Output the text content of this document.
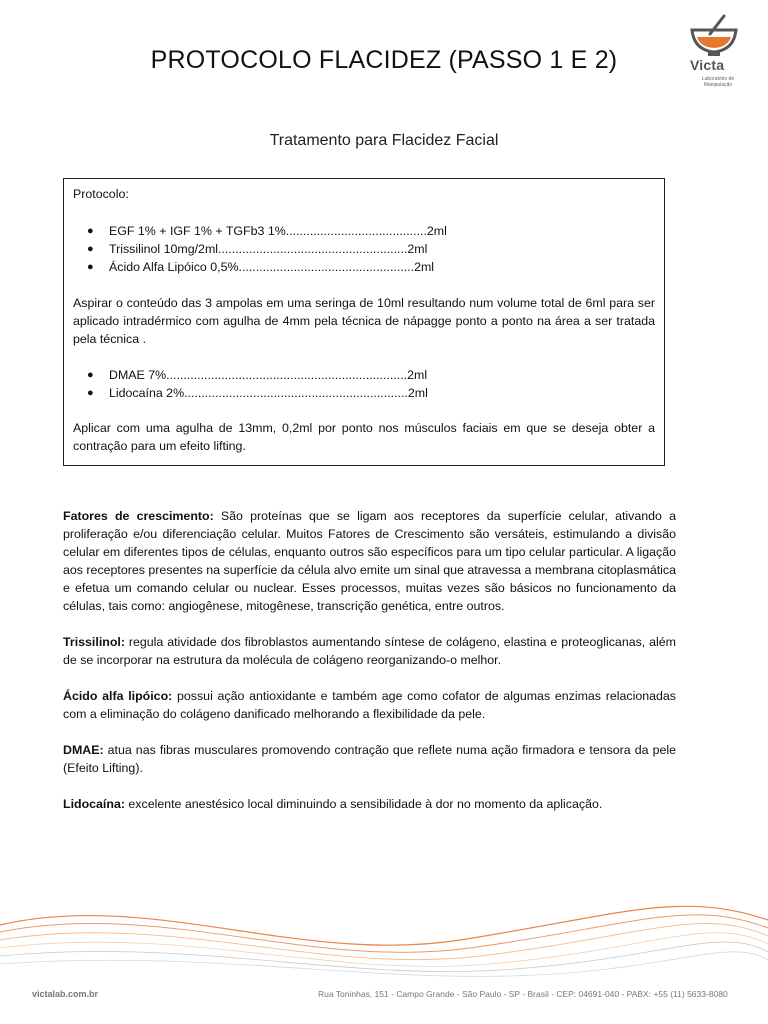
PROTOCOLO FLACIDEZ (PASSO 1 E 2)	Victa
Laboratório de Manipulação
Tratamento para Flacidez Facial
Protocolo:
● EGF 1% + IGF 1% + TGFb3 1%.........................................2ml
● Trissilinol 10mg/2ml.......................................................2ml
● Ácido Alfa Lipóico 0,5%...................................................2ml

Aspirar o conteúdo das 3 ampolas em uma seringa de 10ml resultando num volume total de 6ml para ser aplicado intradérmico com agulha de 4mm pela técnica de nápagge ponto a ponto na área a ser tratada pela técnica .

● DMAE 7%......................................................................2ml
● Lidocaína 2%.................................................................2ml

Aplicar com uma agulha de 13mm, 0,2ml por ponto nos músculos faciais em que se deseja obter a contração para um efeito lifting.

Fatores de crescimento: São proteínas que se ligam aos receptores da superfície celular, ativando a proliferação e/ou diferenciação celular. Muitos Fatores de Crescimento são versáteis, estimulando a divisão celular em diferentes tipos de células, enquanto outros são específicos para um tipo celular particular. A ligação aos receptores presentes na superfície da célula alvo emite um sinal que atravessa a membrana citoplasmática e efetua um comando celular ou nuclear. Esses processos, muitas vezes são básicos no funcionamento da células, tais como: angiogênese, mitogênese, transcrição genética, entre outros.

Trissilinol: regula atividade dos fibroblastos aumentando síntese de colágeno, elastina e proteoglicanas, além de se incorporar na estrutura da molécula de colágeno reorganizando-o melhor.

Ácido alfa lipóico: possui ação antioxidante e também age como cofator de algumas enzimas relacionadas com a eliminação do colágeno danificado melhorando a flexibilidade da pele.

DMAE: atua nas fibras musculares promovendo contração que reflete numa ação firmadora e tensora da pele (Efeito Lifting).

Lidocaína: excelente anestésico local diminuindo a sensibilidade à dor no momento da aplicação.

victalab.com.br	Rua Toninhas, 151 - Campo Grande - São Paulo - SP - Brasil - CEP: 04691-040 - PABX: +55 (11) 5633-8080
